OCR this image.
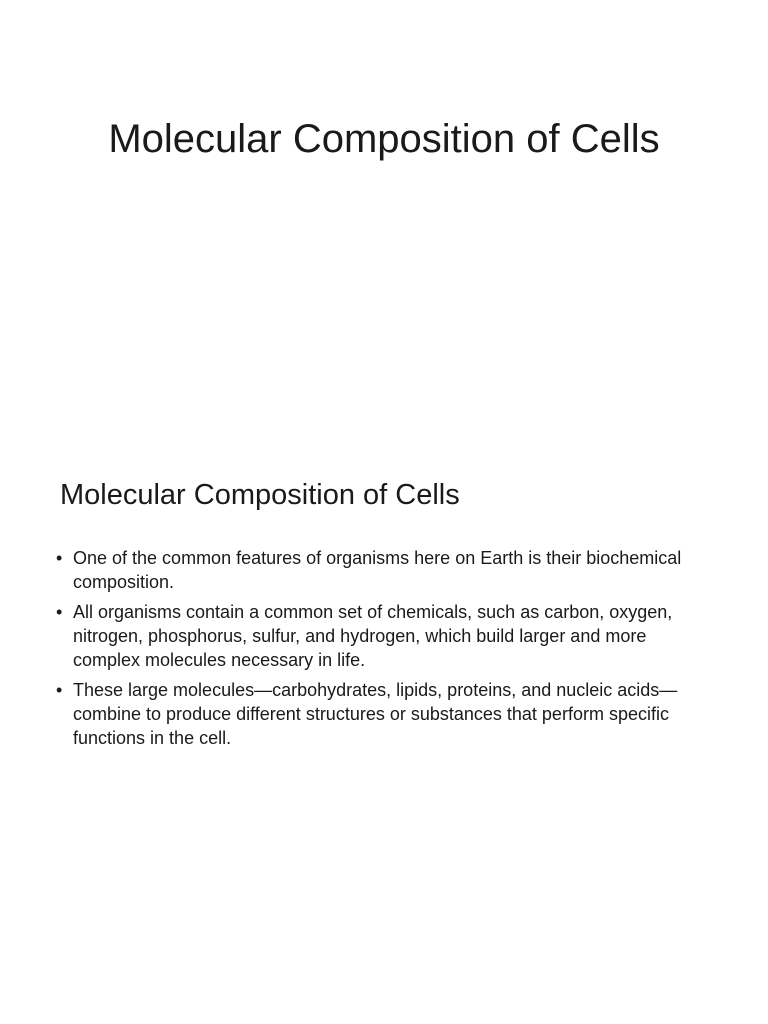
Molecular Composition of Cells
Molecular Composition of Cells
• One of the common features of organisms here on Earth is their biochemical composition.
• All organisms contain a common set of chemicals, such as carbon, oxygen, nitrogen, phosphorus, sulfur, and hydrogen, which build larger and more complex molecules necessary in life.
• These large molecules—carbohydrates, lipids, proteins, and nucleic acids—combine to produce different structures or substances that perform specific functions in the cell.
